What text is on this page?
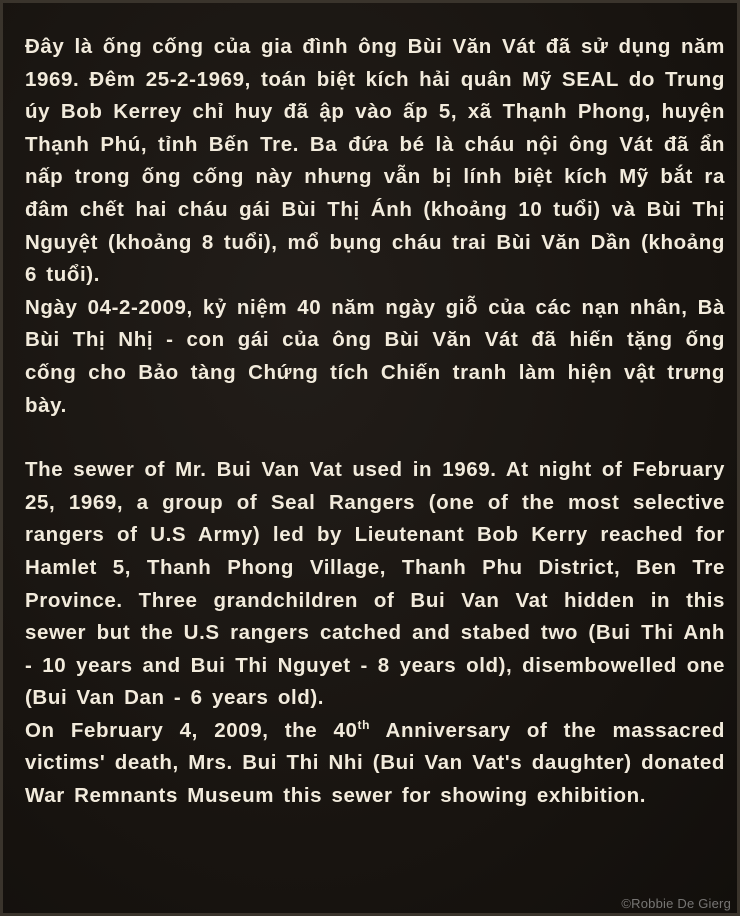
Đây là ống cống của gia đình ông Bùi Văn Vát đã sử dụng năm 1969. Đêm 25-2-1969, toán biệt kích hải quân Mỹ SEAL do Trung úy Bob Kerrey chỉ huy đã ập vào ấp 5, xã Thạnh Phong, huyện Thạnh Phú, tỉnh Bến Tre. Ba đứa bé là cháu nội ông Vát đã ẩn nấp trong ống cống này nhưng vẫn bị lính biệt kích Mỹ bắt ra đâm chết hai cháu gái Bùi Thị Ánh (khoảng 10 tuổi) và Bùi Thị Nguyệt (khoảng 8 tuổi), mổ bụng cháu trai Bùi Văn Dần (khoảng 6 tuổi).

Ngày 04-2-2009, kỷ niệm 40 năm ngày giỗ của các nạn nhân, Bà Bùi Thị Nhị - con gái của ông Bùi Văn Vát đã hiến tặng ống cống cho Bảo tàng Chứng tích Chiến tranh làm hiện vật trưng bày.

The sewer of Mr. Bui Van Vat used in 1969. At night of February 25, 1969, a group of Seal Rangers (one of the most selective rangers of U.S Army) led by Lieutenant Bob Kerry reached for Hamlet 5, Thanh Phong Village, Thanh Phu District, Ben Tre Province. Three grandchildren of Bui Van Vat hidden in this sewer but the U.S rangers catched and stabed two (Bui Thi Anh - 10 years and Bui Thi Nguyet - 8 years old), disembowelled one (Bui Van Dan - 6 years old).

On February 4, 2009, the 40th Anniversary of the massacred victims' death, Mrs. Bui Thi Nhi (Bui Van Vat's daughter) donated War Remnants Museum this sewer for showing exhibition.

©Robbie De Gierg
